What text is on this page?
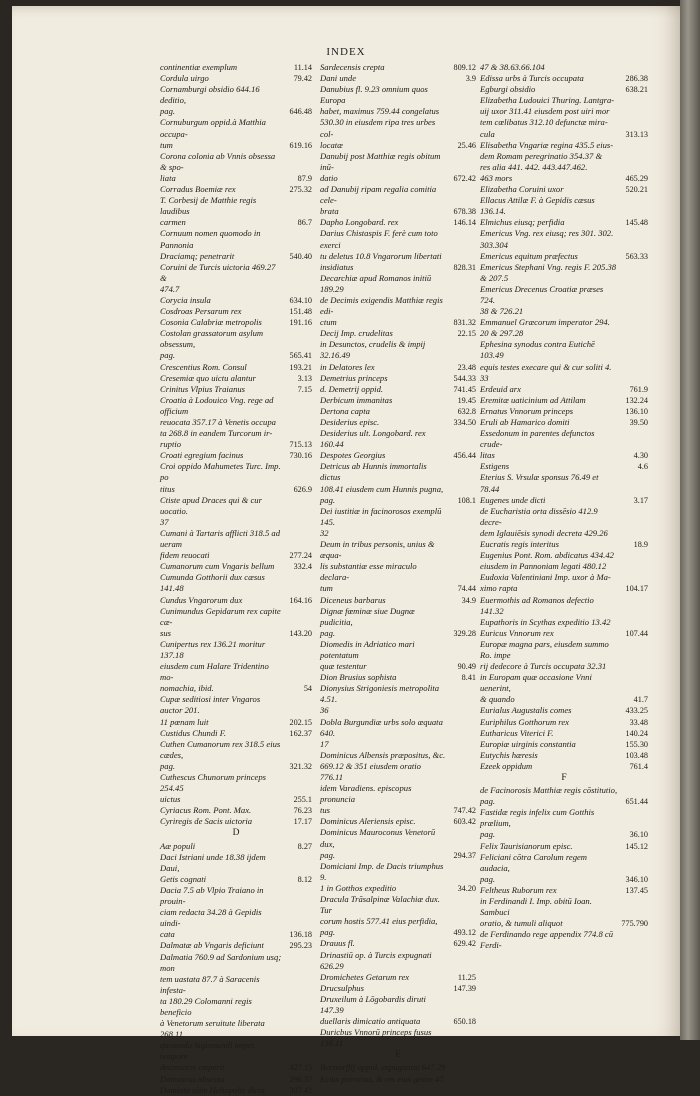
INDEX
continentiæ exemplum	11.14
Cordula uirgo	79.42
Cornamburgi obsidio 644.16 deditio,
pag.	646.48
Cornuburgum oppid.à Matthia occupa-
tum	619.16
Corona colonia ab Vnnis obsessa & spo-
liata	87.9
Corradus Boemiæ rex	275.32
T. Corbesij de Matthie regis laudibus
carmen	86.7
Cornuum nomen quomodo in Pannonia
Draciamq; penetrarit	540.40
Coruini de Turcis uictoria 469.27 &
474.7
Corycia insula	634.10
Cosdroas Persarum rex	151.48
Cosonia Calabriæ metropolis	191.16
Costolan grassatorum asylum obsessum,
pag.	565.41
Crescentius Rom. Consul	193.21
Cresemiæ quo uictu alantur	3.13
Crinitus Vlpius Traianus	7.15
Croatia à Lodouico Vng. rege ad officium
reuocata 357.17 à Venetis occupa
ta 268.8 in eandem Turcorum ir-
ruptio	715.13
Croati egregium facinus	730.16
Croi oppido Mahumetes Turc. Imp. po
titus	626.9
Ctiste apud Draces qui & cur uocatio.
37
Cumani à Tartaris afflicti 318.5 ad ueram
fidem reuocati	277.24
Cumanorum cum Vngaris bellum	332.4
Cumunda Gotthorii dux cæsus 141.48
Cundus Vngarorum dux	164.16
Cunimundus Gepidarum rex capite cæ-
sus	143.20
Cunipertus rex 136.21 moritur 137.18
eiusdem cum Halare Tridentino mo-
nomachia, ibid.	54
Cupæ seditiosi inter Vngaros auctor 201.
11 pœnam luit	202.15
Custidus Chundi F.	162.37
Cuthen Cumanorum rex 318.5 eius cædes,
pag.	321.32
Cuthescus Chunorum princeps 254.45
uictus	255.1
Cyriacus Rom. Pont. Max.	76.23
Cyriregis de Sacis uictoria	17.17
D
Aæ populi	8.27
Daci Istriani unde 18.38 ijdem Daui,
Getis cognati	8.12
Dacia 7.5 ab Vlpio Traiano in prouin-
ciam redacta 34.28 à Gepidis uindi-
cata	136.18
Dalmatæ ab Vngaris deficiunt	295.23
Dalmatia 760.9 ad Sardonium usq; mon
tem uastata 87.7 à Saracenis infesta-
ta 180.29 Colomanni regis beneficio
à Venetorum seruitute liberata 268.11
quomodo Sigismundi imper. tempore
decrescere cœperit	427.15
Damascus obsessa	290.37
Damiata olim Heliopolis dicta	307.42
Sardecensis crepta	809.12
Dani unde	3.9
Danubius fl. 9.23 omnium quos Europa
habet, maximus 759.44 congelatus
530.30 in eiusdem ripa tres urbes col-
locatæ	25.46
Danubij post Matthiæ regis obitum inū-
datio	672.42
ad Danubij ripam regalia comitia cele-
brata	678.38
Dapho Longobard. rex	146.14
Darius Chistaspis F. ferè cum toto exerci
tu deletus 10.8 Vngarorum libertati
insidiatus	828.31
Decarchiæ apud Romanos initiū 189.29
de Decimis exigendis Matthiæ regis edi-
ctum	831.32
Decij Imp. crudelitas	22.15
in Desunctos, crudelis & impij 32.16.49
in Delatores lex	23.48
Demetrius princeps	544.33
d. Demetrij oppid.	741.45
Derbicum immanitas	19.45
Dertona capta	632.8
Desiderius episc.	334.50
Desiderius ult. Longobard. rex 160.44
Despotes Georgius	456.44
Detricus ab Hunnis immortalis dictus
108.41 eiusdem cum Hunnis pugna,
pag.	108.1
Dei iustitiæ in facinorosos exemplū 145.
32
Deum in tribus personis, unius & æqua-
lis substantiæ esse miraculo declara-
tum	74.44
Diceneus barbarus	34.9
Dignæ fœminæ siue Dugnæ pudicitia,
pag.	329.28
Diomedis in Adriatico mari potentatum
quæ testentur	90.49
Dion Brusius sophista	8.41
Dionysius Strigoniesis metropolita 4.51.
36
Dobla Burgundiæ urbs solo æquata 640.
17
Dominicus Albensis præpositus, &c.
669.12 & 351 eiusdem oratio 776.11
idem Varadiens. episcopus pronuncia
tus	747.42
Dominicus Aleriensis episc.	603.42
Dominicus Mauroconus Venetorū dux,
pag.	294.37
Domiciani Imp. de Dacis triumphus 9.
1 in Gotthos expeditio	34.20
Dracula Trāsalpinæ Valachiæ dux. Tur
corum hostis 577.41 eius perfidia,
pag.	493.12
Drauus fl.	629.42
Drinastiū op. à Turcis expugnati 626.29
Dromichetes Getarum rex	11.25
Drucsulphus	147.39
Druxeilum à Lōgobardis diruti 147.39
duellaris dimicatio antiquata	650.18
Duricbus Vnnorū princeps fusus 136.11
E
Berstorffij oppid. expugnatio 647.29
Ecius patricius, & res eius gestæ 47.
47 & 38.63.66.104
Edissa urbs à Turcis occupata	286.38
Egburgi obsidio	638.21
Elizabetha Ludouici Thuring. Lantgra-
uij uxor 311.41 eiusdem post uiri mor
tem cœlibatus 312.10 defunctæ mira-
cula	313.13
Elisabetha Vngariæ regina 435.5 eius-
dem Romam peregrinatio 354.37 &
res alia 441. 442. 443.447.462.
463 mors	465.29
Elizabetha Coruini uxor	520.21
Ellacus Attilæ F. à Gepidis cæsus 136.14.
Elmichus eiusq; perfidia	145.48
Emericus Vng. rex eiusq; res 301. 302.
303.304
Emericus equitum præfectus	563.33
Emericus Stephani Vng. regis F. 205.38
& 207.5
Emericus Drecenus Croatiæ præses 724.
38 & 726.21
Emmanuel Græcorum imperator 294.
20 & 297.28
Ephesina synodus contra Eutichē 103.49
equis testes execare qui & cur soliti 4.
33
Erdeuid arx	761.9
Eremitæ uaticinium ad Attilam	132.24
Ernatus Vnnorum princeps	136.10
Eruli ab Hamarico domiti	39.50
Essedonum in parentes defunctos crude-
litas	4.30
Estigens	4.6
Eterius S. Vrsulæ sponsus 76.49 et 78.44
Eugenes unde dicti	3.17
de Eucharistia orta dissēsio 412.9 decre-
dem Iglauiēsis synodi decreta 429.26
Eucratis regis interitus	18.9
Eugenius Pont. Rom. abdicatus 434.42
eiusdem in Pannoniam legati 480.12
Eudoxia Valentiniani Imp. uxor à Ma-
ximo rapta	104.17
Euermothis ad Romanos defectio 141.32
Eupathoris in Scythas expeditio 13.42
Euricus Vnnorum rex	107.44
Europæ magna pars, eiusdem summo Ro. impe
rij dedecore à Turcis occupata 32.31
in Europam quæ occasione Vnni uenerint,
& quando	41.7
Eurialus Augustalis comes	433.25
Euriphilus Gotthorum rex	33.48
Eutharicus Viterici F.	140.24
Europiæ uirginis constantia	155.30
Eutychis hæresis	103.48
Ezeek oppidum	761.4
F
de Facinorosis Matthiæ regis cōstitutio,
pag.	651.44
Fastidæ regis infelix cum Gotthis prælium,
pag.	36.10
Felix Taurisianorum episc.	145.12
Feliciani cōtra Carolum regem audacia,
pag.	346.10
Feltheus Ruborum rex	137.45
in Ferdinandi I. Imp. obitū Ioan. Sambuci
oratio, & tumuli aliquot	775.790
de Ferdinando rege appendix 774.8 cū
Ferdi-
